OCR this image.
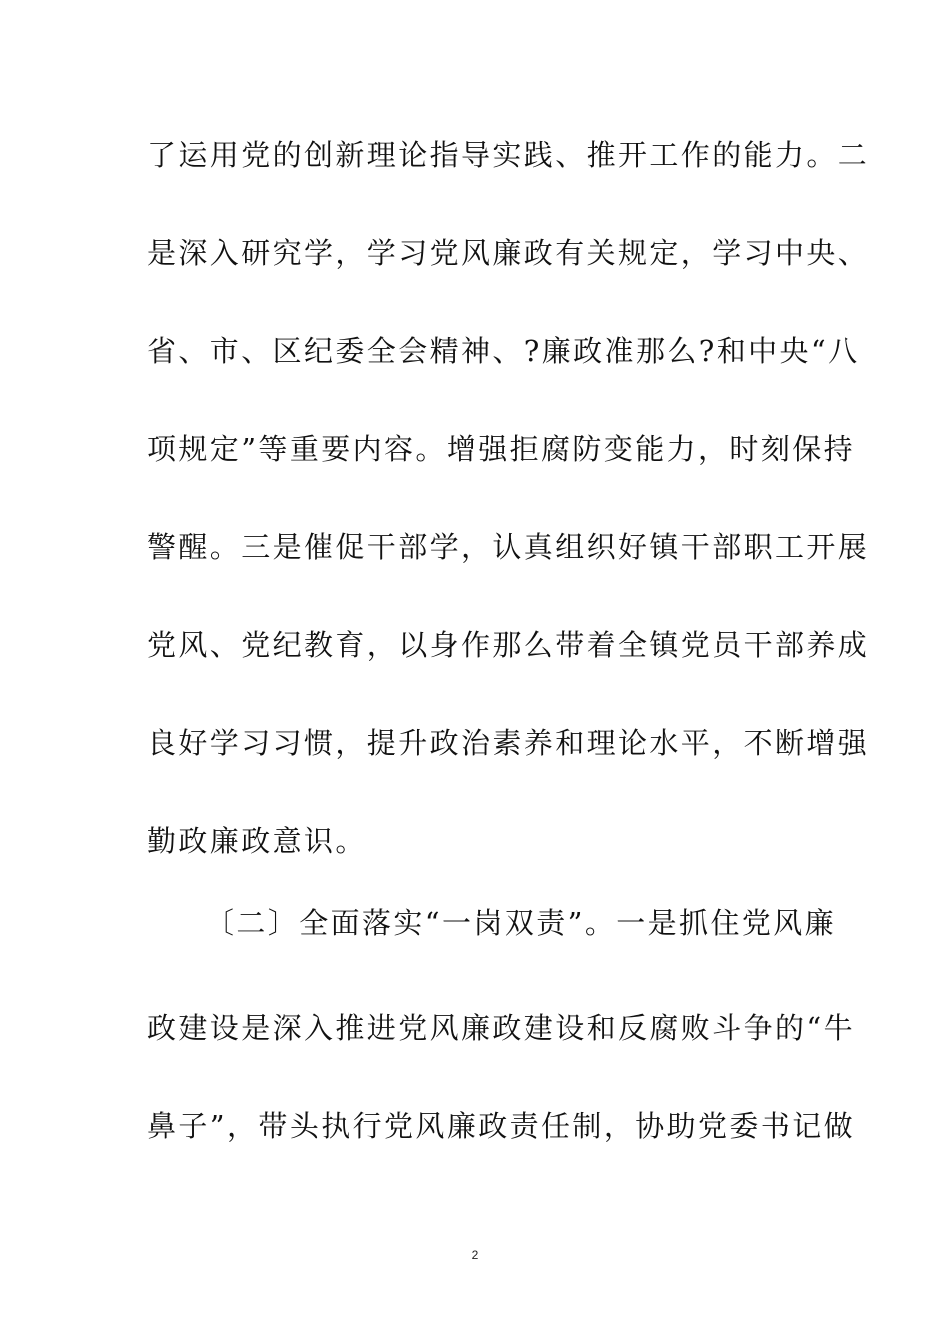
了运用党的创新理论指导实践、推开工作的能力。二
是深入研究学，学习党风廉政有关规定，学习中央、
省、市、区纪委全会精神、?廉政准那么?和中央“八
项规定”等重要内容。增强拒腐防变能力，时刻保持
警醒。三是催促干部学，认真组织好镇干部职工开展
党风、党纪教育，以身作那么带着全镇党员干部养成
良好学习习惯，提升政治素养和理论水平，不断增强
勤政廉政意识。
〔二〕全面落实“一岗双责”。一是抓住党风廉
政建设是深入推进党风廉政建设和反腐败斗争的“牛
鼻子”，带头执行党风廉政责任制，协助党委书记做
2
